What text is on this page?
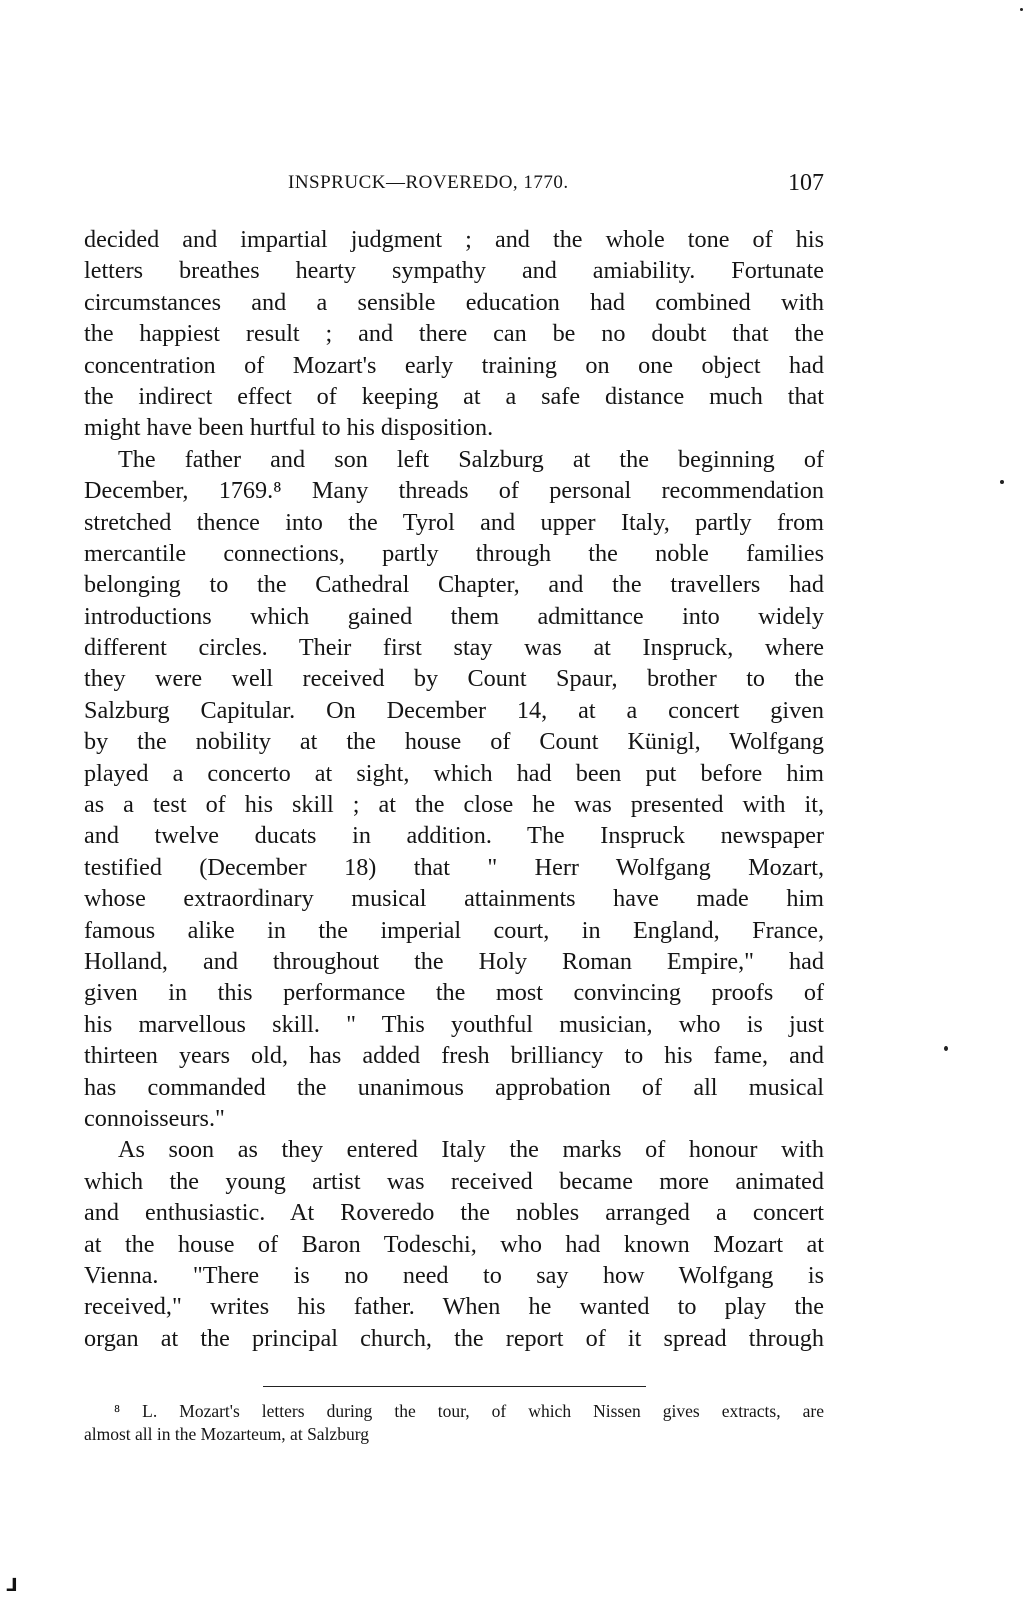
INSPRUCK—ROVEREDO, 1770.	107
decided and impartial judgment ; and the whole tone of his
letters breathes hearty sympathy and amiability. Fortunate
circumstances and a sensible education had combined with
the happiest result ; and there can be no doubt that the
concentration of Mozart's early training on one object had
the indirect effect of keeping at a safe distance much that
might have been hurtful to his disposition.
The father and son left Salzburg at the beginning of
December, 1769.⁸ Many threads of personal recommendation
stretched thence into the Tyrol and upper Italy, partly from
mercantile connections, partly through the noble families
belonging to the Cathedral Chapter, and the travellers had
introductions which gained them admittance into widely
different circles. Their first stay was at Inspruck, where
they were well received by Count Spaur, brother to the
Salzburg Capitular. On December 14, at a concert given
by the nobility at the house of Count Künigl, Wolfgang
played a concerto at sight, which had been put before him
as a test of his skill ; at the close he was presented with it,
and twelve ducats in addition. The Inspruck newspaper
testified (December 18) that " Herr Wolfgang Mozart,
whose extraordinary musical attainments have made him
famous alike in the imperial court, in England, France,
Holland, and throughout the Holy Roman Empire," had
given in this performance the most convincing proofs of
his marvellous skill. " This youthful musician, who is just
thirteen years old, has added fresh brilliancy to his fame, and
has commanded the unanimous approbation of all musical
connoisseurs."
As soon as they entered Italy the marks of honour with
which the young artist was received became more animated
and enthusiastic. At Roveredo the nobles arranged a concert
at the house of Baron Todeschi, who had known Mozart at
Vienna. "There is no need to say how Wolfgang is
received," writes his father. When he wanted to play the
organ at the principal church, the report of it spread through
⁸ L. Mozart's letters during the tour, of which Nissen gives extracts, are
almost all in the Mozarteum, at Salzburg
⅃
